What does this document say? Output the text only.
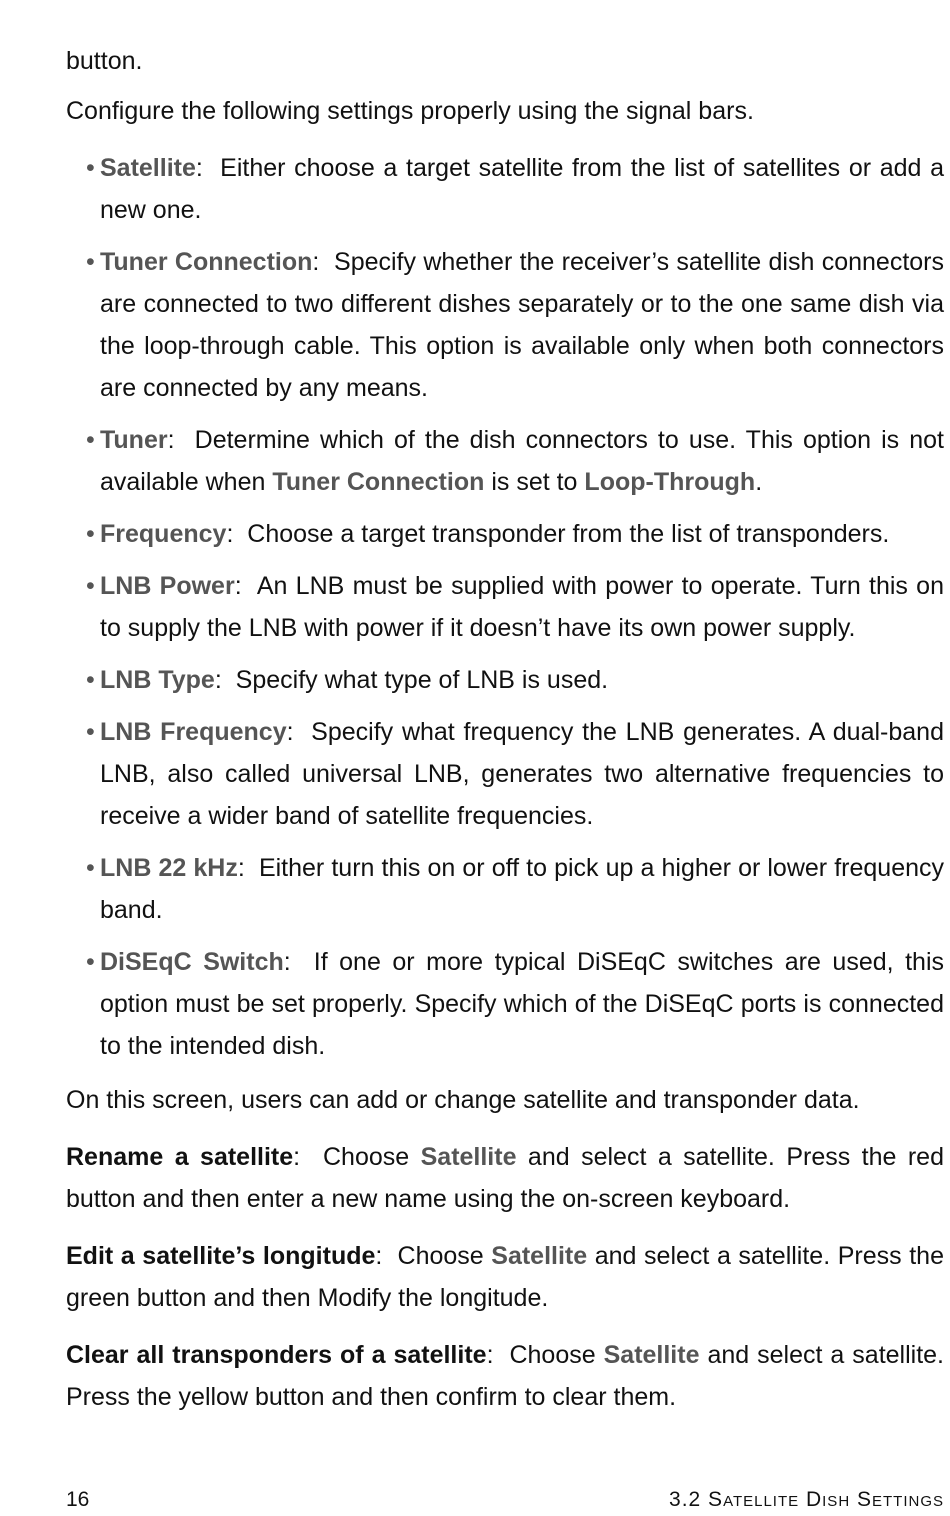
button.

Configure the following settings properly using the signal bars.

• Satellite:  Either choose a target satellite from the list of satellites or add a new one.
• Tuner Connection:  Specify whether the receiver’s satellite dish connectors are connected to two different dishes separately or to the one same dish via the loop-through cable. This option is available only when both connectors are connected by any means.
• Tuner:  Determine which of the dish connectors to use. This option is not available when Tuner Connection is set to Loop-Through.
• Frequency:  Choose a target transponder from the list of transponders.
• LNB Power:  An LNB must be supplied with power to operate. Turn this on to supply the LNB with power if it doesn’t have its own power supply.
• LNB Type:  Specify what type of LNB is used.
• LNB Frequency:  Specify what frequency the LNB generates. A dual-band LNB, also called universal LNB, generates two alternative frequencies to receive a wider band of satellite frequencies.
• LNB 22 kHz:  Either turn this on or off to pick up a higher or lower frequency band.
• DiSEqC Switch:  If one or more typical DiSEqC switches are used, this option must be set properly. Specify which of the DiSEqC ports is connected to the intended dish.

On this screen, users can add or change satellite and transponder data.

Rename a satellite:  Choose Satellite and select a satellite. Press the red button and then enter a new name using the on-screen keyboard.

Edit a satellite’s longitude:  Choose Satellite and select a satellite. Press the green button and then Modify the longitude.

Clear all transponders of a satellite:  Choose Satellite and select a satellite. Press the yellow button and then confirm to clear them.

16	3.2 Satellite Dish Settings
